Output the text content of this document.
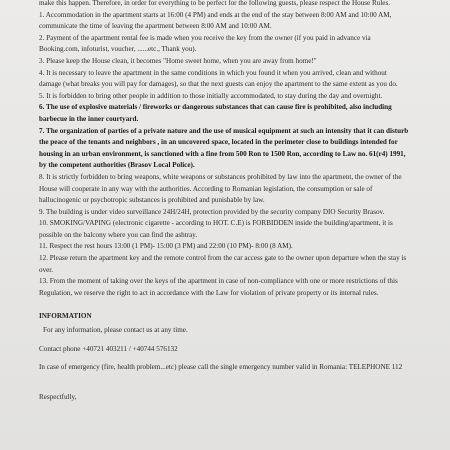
make this happen. Therefore, in order for everything to be perfect for the following guests, please respect the House Rules.
1. Accommodation in the apartment starts at 16:00 (4 PM) and ends at the end of the stay between 8:00 AM and 10:00 AM,
communicate the time of leaving the apartment between 8:00 AM and 10:00 AM.
2. Payment of the apartment rental fee is made when you receive the key from the owner (if you paid in advance via
Booking.com, infoturist, voucher, ......etc., Thank you).
3. Please keep the House clean, it becomes "Home sweet home, when you are away from home!"
4. It is necessary to leave the apartment in the same conditions in which you found it when you arrived, clean and without
damage (what breaks you will pay for damages), so that the next guests can enjoy the apartment to the same extent as you do.
5. It is forbidden to bring other people in addition to those initially accommodated, to stay during the day and overnight.
6. The use of explosive materials / fireworks or dangerous substances that can cause fire is prohibited, also including
barbecue in the inner courtyard.
7. The organization of parties of a private nature and the use of musical equipment at such an intensity that it can disturb
the peace of the tenants and neighbors , in an uncovered space, located in the perimeter close to buildings intended for
housing in an urban environment, is sanctioned with a fine from 500 Ron to 1500 Ron, according to Law no. 61(r4) 1991,
by the competent authorities (Brasov Local Police).
8. It is strictly forbidden to bring weapons, white weapons or substances prohibited by law into the apartment, the owner of the
House will cooperate in any way with the authorities. According to Romanian legislation, the consumption or sale of
hallucinogenic or psychotropic substances is prohibited and punishable by law.
9. The building is under video surveillance 24H/24H, protection provided by the security company DIO Security Brasov.
10. SMOKING/VAPING (electronic cigarette - according to HOT. C.E) is FORBIDDEN inside the building/apartment, it is
possible on the balcony where you can find the ashtray.
11. Respect the rest hours 13:00 (1 PM)- 15:00 (3 PM) and 22:00 (10 PM)- 8:00 (8 AM).
12. Please return the apartment key and the remote control from the car access gate to the owner upon departure when the stay is
over.
13. From the moment of taking over the keys of the apartment in case of non-compliance with one or more restrictions of this
Regulation, we reserve the right to act in accordance with the Law for violation of private property or its internal rules.
INFORMATION
For any information, please contact us at any time.
Contact phone +40721 403211 / +40744 576132
In case of emergency (fire, health problem...etc) please call the single emergency number valid in Romania: TELEPHONE 112
Respectfully,
